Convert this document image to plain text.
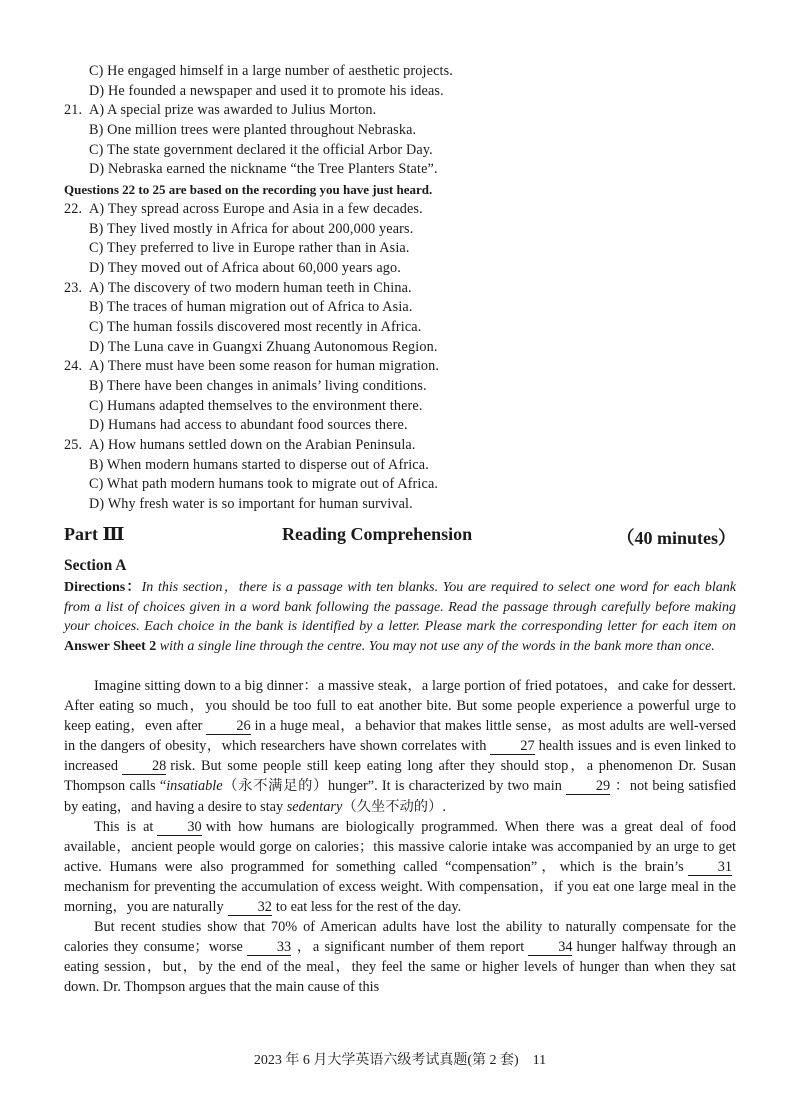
C) He engaged himself in a large number of aesthetic projects.
D) He founded a newspaper and used it to promote his ideas.
21. A) A special prize was awarded to Julius Morton.
B) One million trees were planted throughout Nebraska.
C) The state government declared it the official Arbor Day.
D) Nebraska earned the nickname “the Tree Planters State”.
Questions 22 to 25 are based on the recording you have just heard.
22. A) They spread across Europe and Asia in a few decades.
B) They lived mostly in Africa for about 200,000 years.
C) They preferred to live in Europe rather than in Asia.
D) They moved out of Africa about 60,000 years ago.
23. A) The discovery of two modern human teeth in China.
B) The traces of human migration out of Africa to Asia.
C) The human fossils discovered most recently in Africa.
D) The Luna cave in Guangxi Zhuang Autonomous Region.
24. A) There must have been some reason for human migration.
B) There have been changes in animals’ living conditions.
C) Humans adapted themselves to the environment there.
D) Humans had access to abundant food sources there.
25. A) How humans settled down on the Arabian Peninsula.
B) When modern humans started to disperse out of Africa.
C) What path modern humans took to migrate out of Africa.
D) Why fresh water is so important for human survival.
Part Ⅲ	Reading Comprehension	（40 minutes）
Section A
Directions：In this section，there is a passage with ten blanks. You are required to select one word for each blank from a list of choices given in a word bank following the passage. Read the passage through carefully before making your choices. Each choice in the bank is identified by a letter. Please mark the corresponding letter for each item on Answer Sheet 2 with a single line through the centre. You may not use any of the words in the bank more than once.

Imagine sitting down to a big dinner：a massive steak，a large portion of fried potatoes，and cake for dessert. After eating so much，you should be too full to eat another bite. But some people experience a powerful urge to keep eating，even after 26 in a huge meal，a behavior that makes little sense，as most adults are well-versed in the dangers of obesity，which researchers have shown correlates with 27 health issues and is even linked to increased 28 risk. But some people still keep eating long after they should stop，a phenomenon Dr. Susan Thompson calls “insatiable（永不满足的）hunger”. It is characterized by two main 29 ：not being satisfied by eating，and having a desire to stay sedentary（久坐不动的）.

This is at 30 with how humans are biologically programmed. When there was a great deal of food available，ancient people would gorge on calories；this massive calorie intake was accompanied by an urge to get active. Humans were also programmed for something called “compensation”，which is the brain’s 31mechanism for preventing the accumulation of excess weight. With compensation，if you eat one large meal in the morning，you are naturally 32 to eat less for the rest of the day.

But recent studies show that 70% of American adults have lost the ability to naturally compensate for the calories they consume；worse 33 ，a significant number of them report 34 hunger halfway through an eating session，but，by the end of the meal，they feel the same or higher levels of hunger than when they sat down. Dr. Thompson argues that the main cause of this

2023 年 6 月大学英语六级考试真题(第 2 套)　11
